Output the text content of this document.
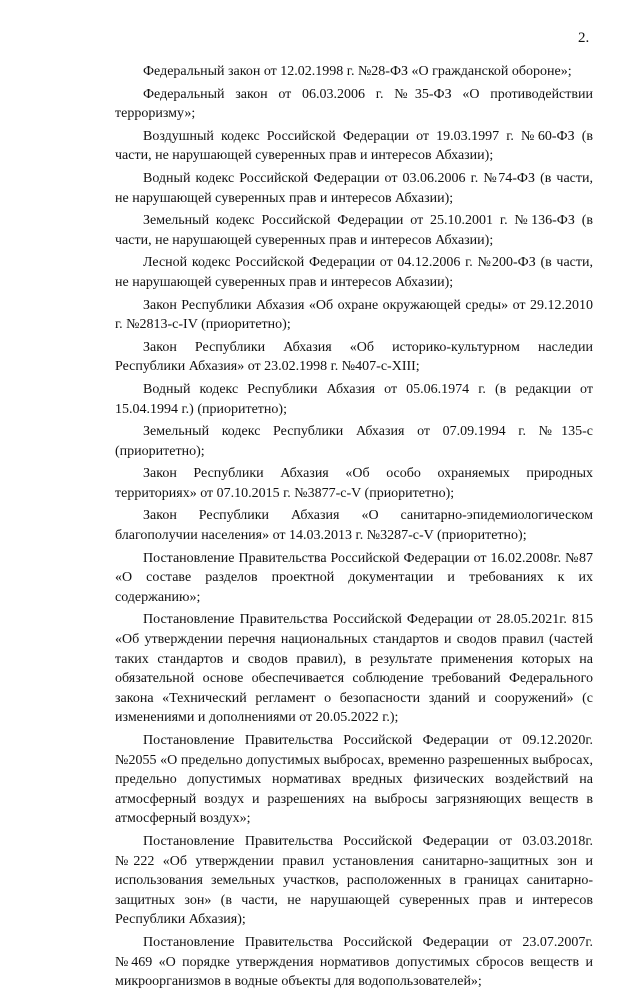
2.

Федеральный закон от 12.02.1998 г. №28-ФЗ «О гражданской обороне»;

Федеральный закон от 06.03.2006 г. №35-ФЗ «О противодействии терроризму»;

Воздушный кодекс Российской Федерации от 19.03.1997 г. №60-ФЗ (в части, не нарушающей суверенных прав и интересов Абхазии);

Водный кодекс Российской Федерации от 03.06.2006 г. №74-ФЗ (в части, не нарушающей суверенных прав и интересов Абхазии);

Земельный кодекс Российской Федерации от 25.10.2001 г. №136-ФЗ (в части, не нарушающей суверенных прав и интересов Абхазии);

Лесной кодекс Российской Федерации от 04.12.2006 г. №200-ФЗ (в части, не нарушающей суверенных прав и интересов Абхазии);

Закон Республики Абхазия «Об охране окружающей среды» от 29.12.2010 г. №2813-с-IV (приоритетно);

Закон Республики Абхазия «Об историко-культурном наследии Республики Абхазия» от 23.02.1998 г. №407-с-XIII;

Водный кодекс Республики Абхазия от 05.06.1974 г. (в редакции от 15.04.1994 г.) (приоритетно);

Земельный кодекс Республики Абхазия от 07.09.1994 г. №135-с (приоритетно);

Закон Республики Абхазия «Об особо охраняемых природных территориях» от 07.10.2015 г. №3877-с-V (приоритетно);

Закон Республики Абхазия «О санитарно-эпидемиологическом благополучии населения» от 14.03.2013 г. №3287-с-V (приоритетно);

Постановление Правительства Российской Федерации от 16.02.2008г. №87 «О составе разделов проектной документации и требованиях к их содержанию»;

Постановление Правительства Российской Федерации от 28.05.2021г. 815 «Об утверждении перечня национальных стандартов и сводов правил (частей таких стандартов и сводов правил), в результате применения которых на обязательной основе обеспечивается соблюдение требований Федерального закона «Технический регламент о безопасности зданий и сооружений» (с изменениями и дополнениями от 20.05.2022 г.);

Постановление Правительства Российской Федерации от 09.12.2020г. №2055 «О предельно допустимых выбросах, временно разрешенных выбросах, предельно допустимых нормативах вредных физических воздействий на атмосферный воздух и разрешениях на выбросы загрязняющих веществ в атмосферный воздух»;

Постановление Правительства Российской Федерации от 03.03.2018г. №222 «Об утверждении правил установления санитарно-защитных зон и использования земельных участков, расположенных в границах санитарно-защитных зон» (в части, не нарушающей суверенных прав и интересов Республики Абхазия);

Постановление Правительства Российской Федерации от 23.07.2007г. №469 «О порядке утверждения нормативов допустимых сбросов веществ и микроорганизмов в водные объекты для водопользователей»;
